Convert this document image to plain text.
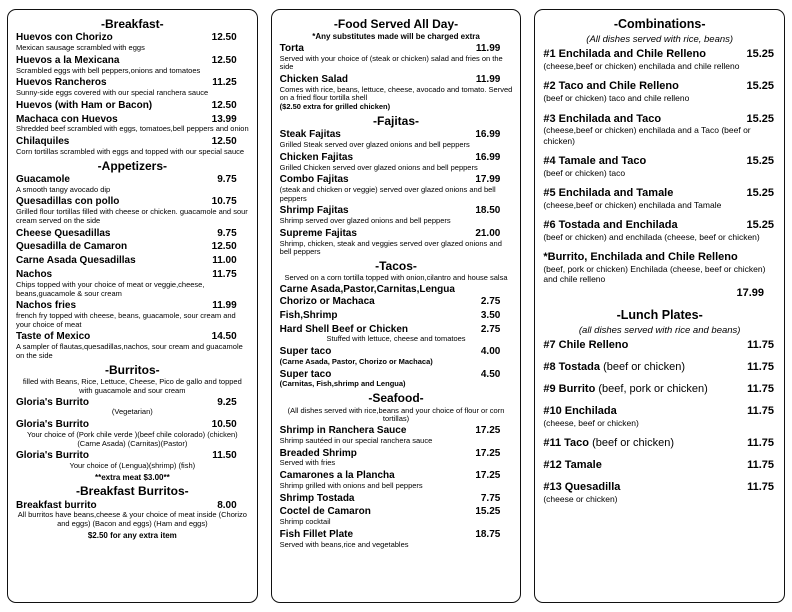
-Breakfast-
Huevos con Chorizo	12.50
Mexican sausage scrambled with eggs
Huevos a la Mexicana	12.50
Scrambled eggs with bell peppers,onions and tomatoes
Huevos Rancheros	11.25
Sunny-side eggs covered with our special ranchera sauce
Huevos (with Ham or Bacon)	12.50
Machaca con Huevos	13.99
Shredded beef scrambled with eggs, tomatoes,bell peppers and onion
Chilaquiles	12.50
Corn tortillas scrambled with eggs and topped with our special sauce
-Appetizers-
Guacamole	9.75
A smooth tangy avocado dip
Quesadillas con pollo	10.75
Grilled flour tortillas filled with cheese or chicken. guacamole and sour cream served on the side
Cheese Quesadillas	9.75
Quesadilla de Camaron	12.50
Carne Asada Quesadillas	11.00
Nachos	11.75
Chips topped with your choice of meat or veggie,cheese, beans,guacamole & sour cream
Nachos fries	11.99
french fry topped with cheese, beans, guacamole, sour cream and your choice of meat
Taste of Mexico	14.50
A sampler of flautas,quesadillas,nachos, sour cream and guacamole on the side
-Burritos-
filled with Beans, Rice, Lettuce, Cheese, Pico de gallo and topped with guacamole and sour cream
Gloria's Burrito	9.25
(Vegetarian)
Gloria's Burrito	10.50
Your choice of (Pork chile verde )(beef chile colorado) (chicken) (Carne Asada) (Carnitas)(Pastor)
Gloria's Burrito	11.50
Your choice of (Lengua)(shrimp) (fish)
**extra meat $3.00**
-Breakfast Burritos-
Breakfast burrito	8.00
All burritos have beans,cheese & your choice of meat inside (Chorizo and eggs) (Bacon and eggs) (Ham and eggs)
$2.50 for any extra item
-Food Served All Day-
*Any substitutes made will be charged extra
Torta	11.99
Served with your choice of (steak or chicken) salad and fries on the side
Chicken Salad	11.99
Comes with rice, beans, lettuce, cheese, avocado and tomato. Served on a fried flour tortilla shell
($2.50 extra for grilled chicken)
-Fajitas-
Steak Fajitas	16.99
Grilled Steak served over glazed onions and bell peppers
Chicken Fajitas	16.99
Grilled Chicken served over glazed onions and bell peppers
Combo Fajitas	17.99
(steak and chicken or veggie) served over glazed onions and bell peppers
Shrimp Fajitas	18.50
Shrimp served over glazed onions and bell peppers
Supreme Fajitas	21.00
Shrimp, chicken, steak and veggies served over glazed onions and bell peppers
-Tacos-
Served on a corn tortilla topped with onion,cilantro and house salsa
Carne Asada,Pastor,Carnitas,Lengua Chorizo or Machaca	2.75
Fish,Shrimp	3.50
Hard Shell Beef or Chicken	2.75
Stuffed with lettuce, cheese and tomatoes
Super taco	4.00
(Carne Asada, Pastor, Chorizo or Machaca)
Super taco	4.50
(Carnitas, Fish,shrimp and Lengua)
-Seafood-
(All dishes served with rice,beans and your choice of flour or corn tortillas)
Shrimp in Ranchera Sauce	17.25
Shrimp sautéed in our special ranchera sauce
Breaded Shrimp	17.25
Served with fries
Camarones a la Plancha	17.25
Shrimp grilled with onions and bell peppers
Shrimp Tostada	7.75
Coctel de Camaron	15.25
Shrimp cocktail
Fish Fillet Plate	18.75
Served with beans,rice and vegetables
-Combinations-
(All dishes served with rice, beans)
#1 Enchilada and Chile Relleno	15.25
(cheese,beef or chicken) enchilada and chile relleno
#2 Taco and Chile Relleno	15.25
(beef or chicken) taco and chile relleno
#3 Enchilada and Taco	15.25
(cheese,beef or chicken) enchilada and a Taco (beef or chicken)
#4 Tamale and Taco	15.25
(beef or chicken) taco
#5 Enchilada and Tamale	15.25
(cheese,beef or chicken) enchilada and Tamale
#6 Tostada and Enchilada	15.25
(beef or chicken) and enchilada (cheese, beef or chicken)
*Burrito, Enchilada and Chile Relleno
(beef, pork or chicken) Enchilada (cheese, beef or chicken) and chile relleno
17.99
-Lunch Plates-
(all dishes served with rice and beans)
#7 Chile Relleno	11.75
#8 Tostada (beef or chicken)	11.75
#9 Burrito (beef, pork or chicken)	11.75
#10 Enchilada	11.75
(cheese, beef or chicken)
#11 Taco (beef or chicken)	11.75
#12 Tamale	11.75
#13 Quesadilla	11.75
(cheese or chicken)
